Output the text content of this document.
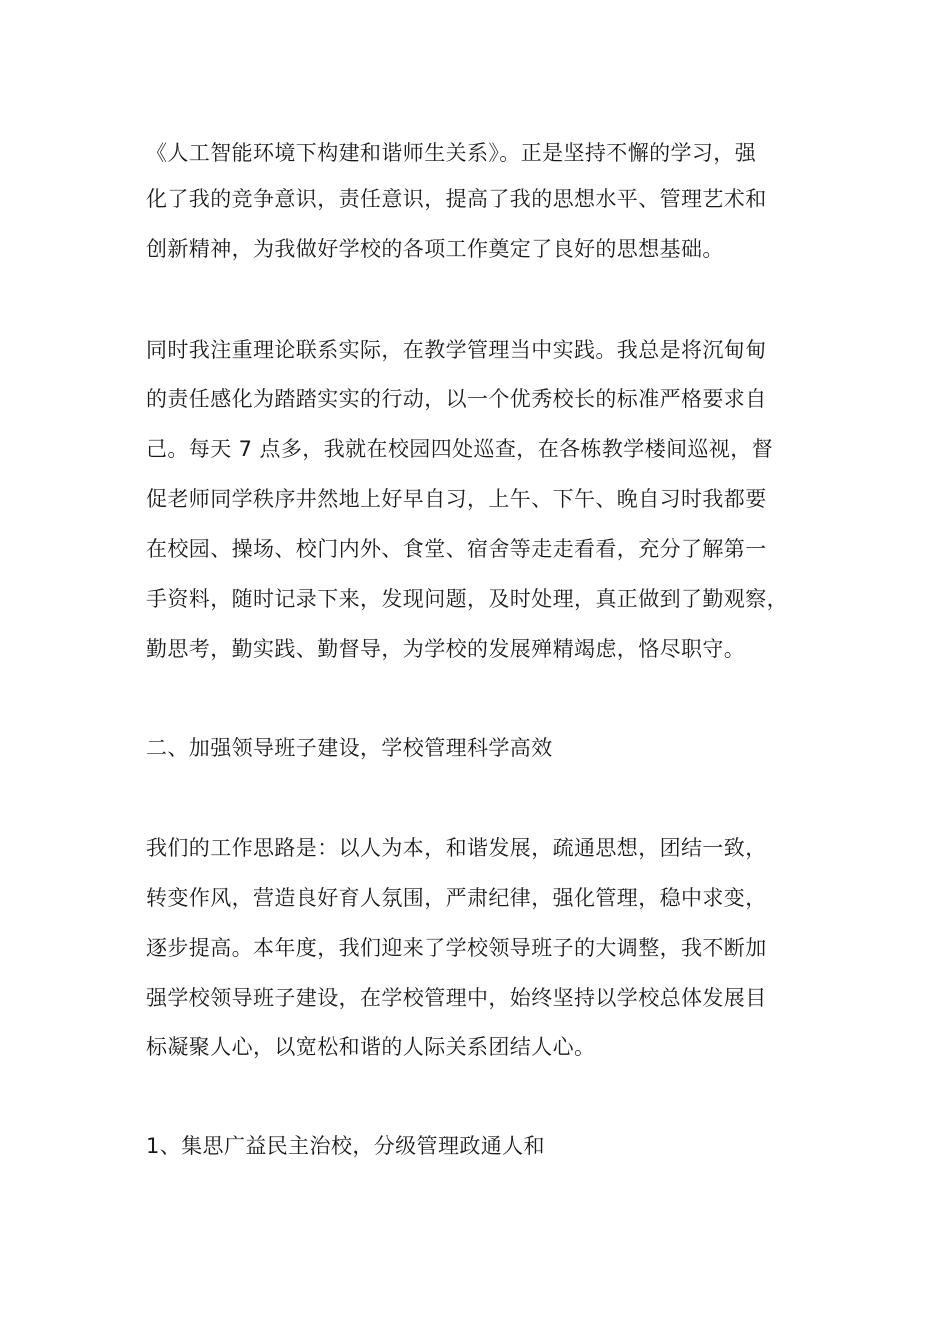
《人工智能环境下构建和谐师生关系》。正是坚持不懈的学习，强

化了我的竞争意识，责任意识，提高了我的思想水平、管理艺术和

创新精神，为我做好学校的各项工作奠定了良好的思想基础。

同时我注重理论联系实际，在教学管理当中实践。我总是将沉甸甸

的责任感化为踏踏实实的行动，以一个优秀校长的标准严格要求自

己。每天 7 点多，我就在校园四处巡查，在各栋教学楼间巡视，督

促老师同学秩序井然地上好早自习，上午、下午、晚自习时我都要

在校园、操场、校门内外、食堂、宿舍等走走看看，充分了解第一

手资料，随时记录下来，发现问题，及时处理，真正做到了勤观察，

勤思考，勤实践、勤督导，为学校的发展殚精竭虑，恪尽职守。

二、加强领导班子建设，学校管理科学高效

我们的工作思路是：以人为本，和谐发展，疏通思想，团结一致，

转变作风，营造良好育人氛围，严肃纪律，强化管理，稳中求变，

逐步提高。本年度，我们迎来了学校领导班子的大调整，我不断加

强学校领导班子建设，在学校管理中，始终坚持以学校总体发展目

标凝聚人心，以宽松和谐的人际关系团结人心。

1、集思广益民主治校，分级管理政通人和
